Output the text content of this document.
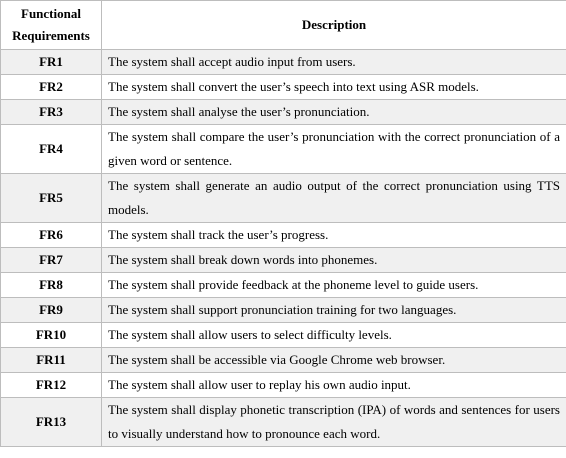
Functional
Requirements	Description
FR1	The system shall accept audio input from users.
FR2	The system shall convert the user’s speech into text using ASR models.
FR3	The system shall analyse the user’s pronunciation.
FR4	The system shall compare the user’s pronunciation with the correct pronunciation of a given word or sentence.
FR5	The system shall generate an audio output of the correct pronunciation using TTS models.
FR6	The system shall track the user’s progress.
FR7	The system shall break down words into phonemes.
FR8	The system shall provide feedback at the phoneme level to guide users.
FR9	The system shall support pronunciation training for two languages.
FR10	The system shall allow users to select difficulty levels.
FR11	The system shall be accessible via Google Chrome web browser.
FR12	The system shall allow user to replay his own audio input.
FR13	The system shall display phonetic transcription (IPA) of words and sentences for users to visually understand how to pronounce each word.
